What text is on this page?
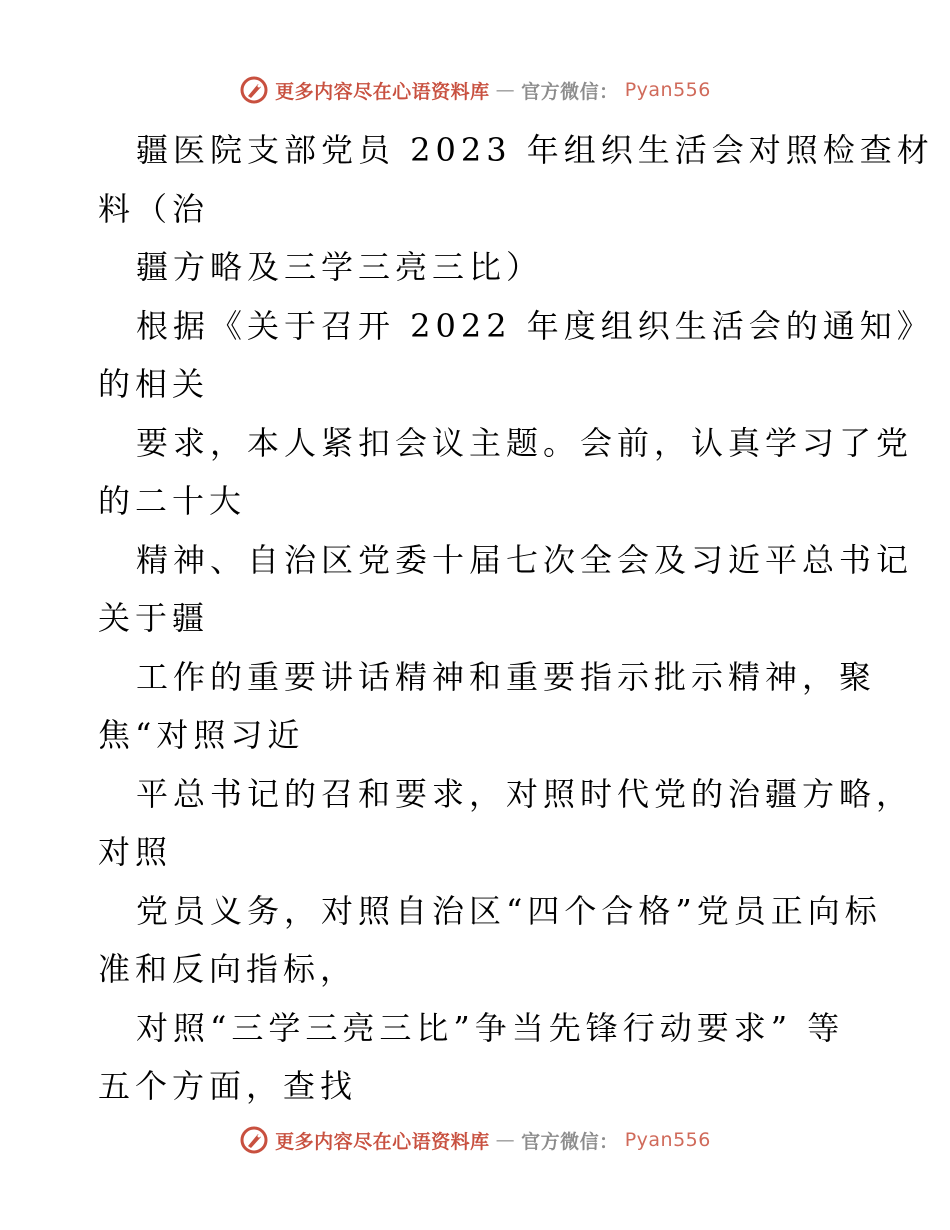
更多内容尽在心语资料库 — 官方微信： Pyan556
疆医院支部党员 2023 年组织生活会对照检查材
料（治
疆方略及三学三亮三比）
根据《关于召开 2022 年度组织生活会的通知》
的相关
要求，本人紧扣会议主题。会前，认真学习了党
的二十大
精神、自治区党委十届七次全会及习近平总书记
关于疆
工作的重要讲话精神和重要指示批示精神，聚
焦“对照习近
平总书记的召和要求，对照时代党的治疆方略，
对照
党员义务，对照自治区“四个合格”党员正向标
准和反向指标，
对照“三学三亮三比”争当先锋行动要求” 等
五个方面，查找
更多内容尽在心语资料库 — 官方微信： Pyan556
